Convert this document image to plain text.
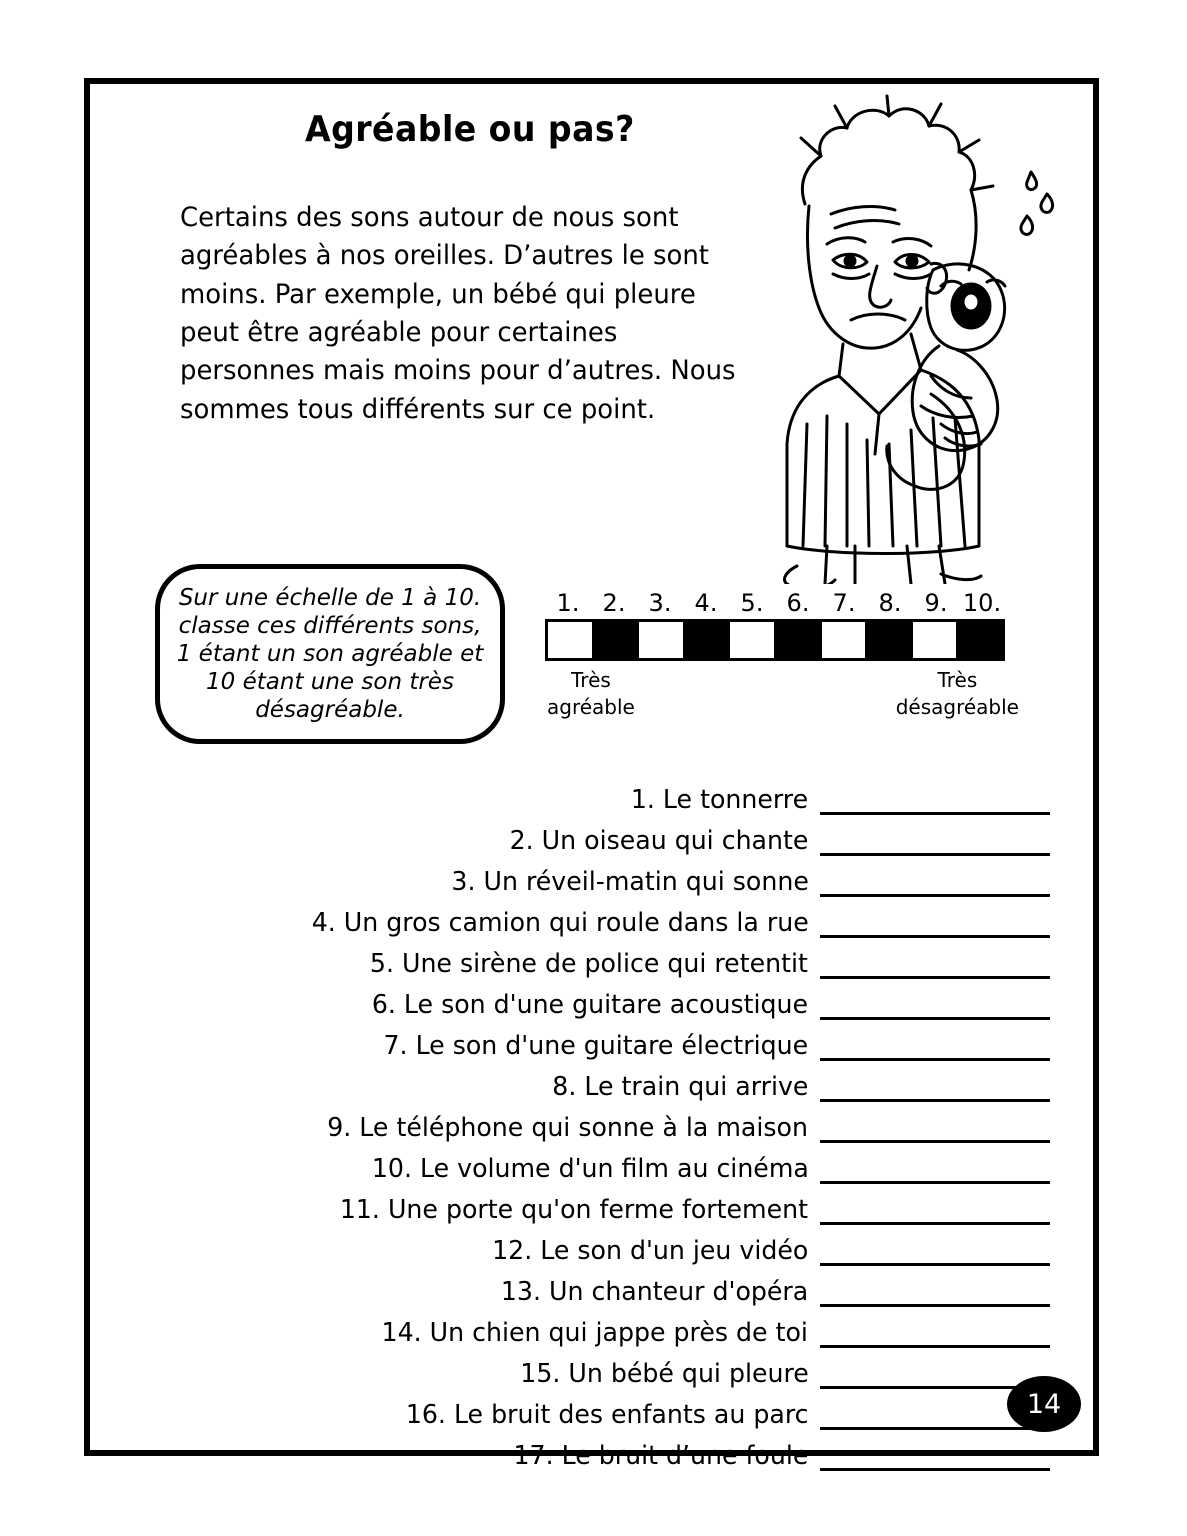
Agréable ou pas?
Certains des sons autour de nous sont agréables à nos oreilles. D’autres le sont moins. Par exemple, un bébé qui pleure peut être agréable pour certaines personnes mais moins pour d’autres. Nous sommes tous différents sur ce point.
Sur une échelle de 1 à 10. classe ces différents sons, 1 étant un son agréable et 10 étant une son très désagréable.
1. 2. 3. 4. 5. 6. 7. 8. 9. 10.
Très
agréable
Très
désagréable
1. Le tonnerre
2. Un oiseau qui chante
3. Un réveil-matin qui sonne
4. Un gros camion qui roule dans la rue
5. Une sirène de police qui retentit
6. Le son d'une guitare acoustique
7. Le son d'une guitare électrique
8. Le train qui arrive
9. Le téléphone qui sonne à la maison
10. Le volume d'un film au cinéma
11. Une porte qu'on ferme fortement
12. Le son d'un jeu vidéo
13. Un chanteur d'opéra
14. Un chien qui jappe près de toi
15. Un bébé qui pleure
16. Le bruit des enfants au parc
17. Le bruit d’une foule
14
